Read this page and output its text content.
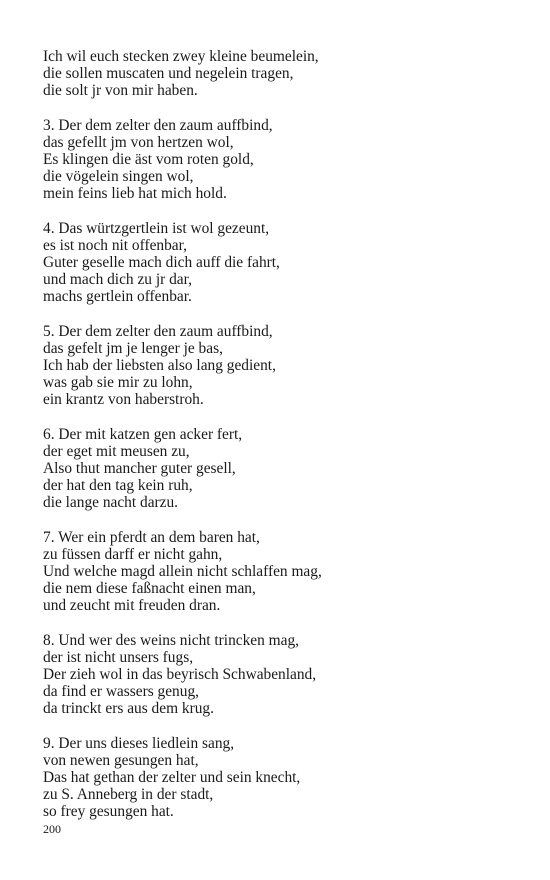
Ich wil euch stecken zwey kleine beumelein,
die sollen muscaten und negelein tragen,
die solt jr von mir haben.
3. Der dem zelter den zaum auffbind,
das gefellt jm von hertzen wol,
Es klingen die äst vom roten gold,
die vögelein singen wol,
mein feins lieb hat mich hold.
4. Das würtzgertlein ist wol gezeunt,
es ist noch nit offenbar,
Guter geselle mach dich auff die fahrt,
und mach dich zu jr dar,
machs gertlein offenbar.
5. Der dem zelter den zaum auffbind,
das gefelt jm je lenger je bas,
Ich hab der liebsten also lang gedient,
was gab sie mir zu lohn,
ein krantz von haberstroh.
6. Der mit katzen gen acker fert,
der eget mit meusen zu,
Also thut mancher guter gesell,
der hat den tag kein ruh,
die lange nacht darzu.
7. Wer ein pferdt an dem baren hat,
zu füssen darff er nicht gahn,
Und welche magd allein nicht schlaffen mag,
die nem diese faßnacht einen man,
und zeucht mit freuden dran.
8. Und wer des weins nicht trincken mag,
der ist nicht unsers fugs,
Der zieh wol in das beyrisch Schwabenland,
da find er wassers genug,
da trinckt ers aus dem krug.
9. Der uns dieses liedlein sang,
von newen gesungen hat,
Das hat gethan der zelter und sein knecht,
zu S. Anneberg in der stadt,
so frey gesungen hat.
200
